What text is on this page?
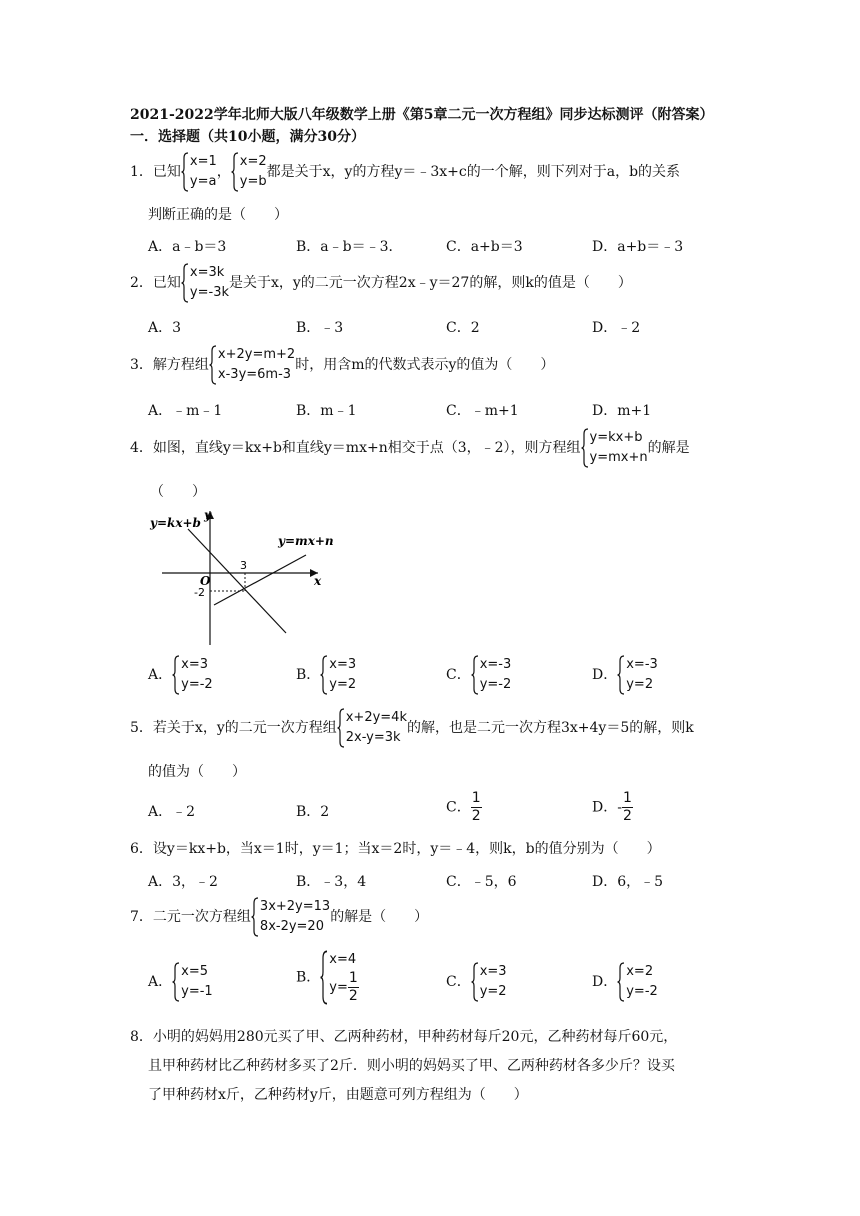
2021-2022学年北师大版八年级数学上册《第5章二元一次方程组》同步达标测评（附答案）
一．选择题（共10小题，满分30分）
1．已知
x=1
y=a
，
x=2
y=b
都是关于x，y的方程y＝﹣3x+c的一个解，则下列对于a，b的关系
判断正确的是（　　）
A．a﹣b＝3	B．a﹣b＝﹣3．	C．a+b＝3	D．a+b＝﹣3
2．已知
x=3k
y=-3k
是关于x，y的二元一次方程2x﹣y＝27的解，则k的值是（　　）
A．3	B．﹣3	C．2	D．﹣2
3．解方程组
x+2y=m+2
x-3y=6m-3
时，用含m的代数式表示y的值为（　　）
A．﹣m﹣1	B．m﹣1	C．﹣m+1	D．m+1
4．如图，直线y＝kx+b和直线y＝mx+n相交于点（3，﹣2），则方程组
y=kx+b
y=mx+n
的解是
（　　）
y=kx+b
y=mx+n
y
x
O
3
-2
A．
x=3
y=-2
B．
x=3
y=2
C．
x=-3
y=-2
D．
x=-3
y=2
5．若关于x，y的二元一次方程组
x+2y=4k
2x-y=3k
的解，也是二元一次方程3x+4y＝5的解，则k
的值为（　　）
A．﹣2	B．2	C． $\frac{1}{2}$	D．- $\frac{1}{2}$
6．设y＝kx+b，当x＝1时，y＝1；当x＝2时，y＝﹣4，则k，b的值分别为（　　）
A．3，﹣2	B．﹣3，4	C．﹣5，6	D．6，﹣5
7．二元一次方程组
3x+2y=13
8x-2y=20
的解是（　　）
A．
x=5
y=-1
B．
x=4
$y= \frac{1}{2}$	C．
x=3
y=2
D．
x=2
y=-2
8．小明的妈妈用280元买了甲、乙两种药材，甲种药材每斤20元，乙种药材每斤60元，
且甲种药材比乙种药材多买了2斤．则小明的妈妈买了甲、乙两种药材各多少斤？设买
了甲种药材x斤，乙种药材y斤，由题意可列方程组为（　　）
